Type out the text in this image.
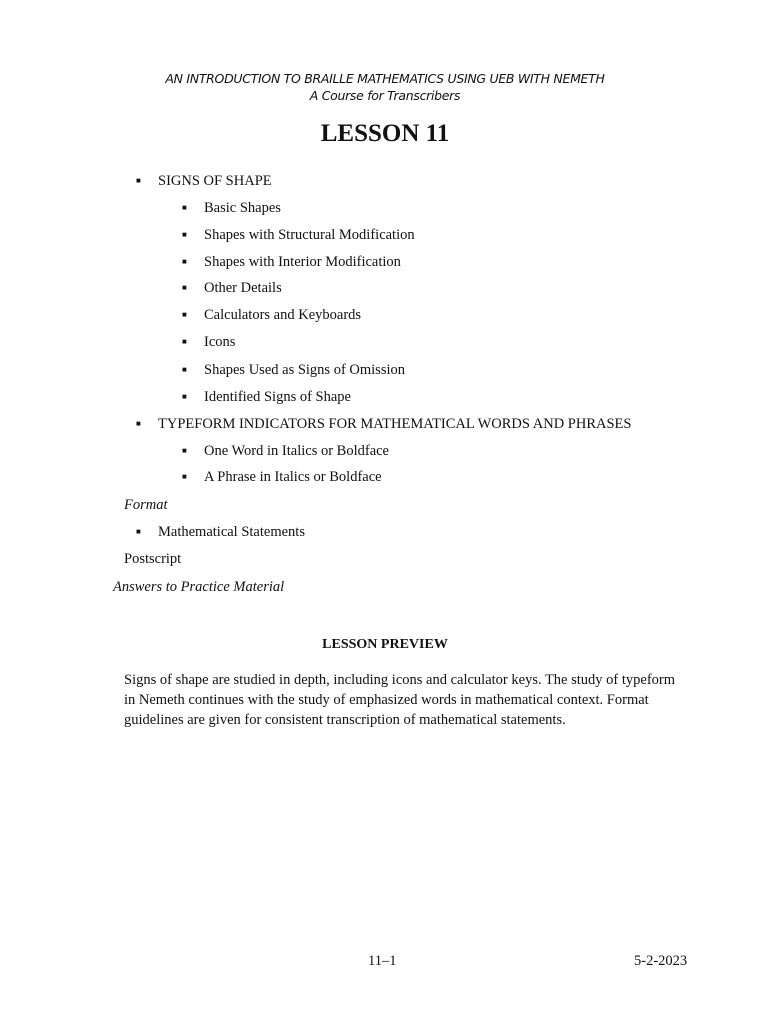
AN INTRODUCTION TO BRAILLE MATHEMATICS USING UEB WITH NEMETH
A Course for Transcribers
LESSON 11
■ SIGNS OF SHAPE
■ Basic Shapes
■ Shapes with Structural Modification
■ Shapes with Interior Modification
■ Other Details
■ Calculators and Keyboards
■ Icons
■ Shapes Used as Signs of Omission
■ Identified Signs of Shape
■ TYPEFORM INDICATORS FOR MATHEMATICAL WORDS AND PHRASES
■ One Word in Italics or Boldface
■ A Phrase in Italics or Boldface
Format
■ Mathematical Statements
Postscript
Answers to Practice Material
LESSON PREVIEW
Signs of shape are studied in depth, including icons and calculator keys. The study of typeform
in Nemeth continues with the study of emphasized words in mathematical context. Format
guidelines are given for consistent transcription of mathematical statements.
11–1	5-2-2023
